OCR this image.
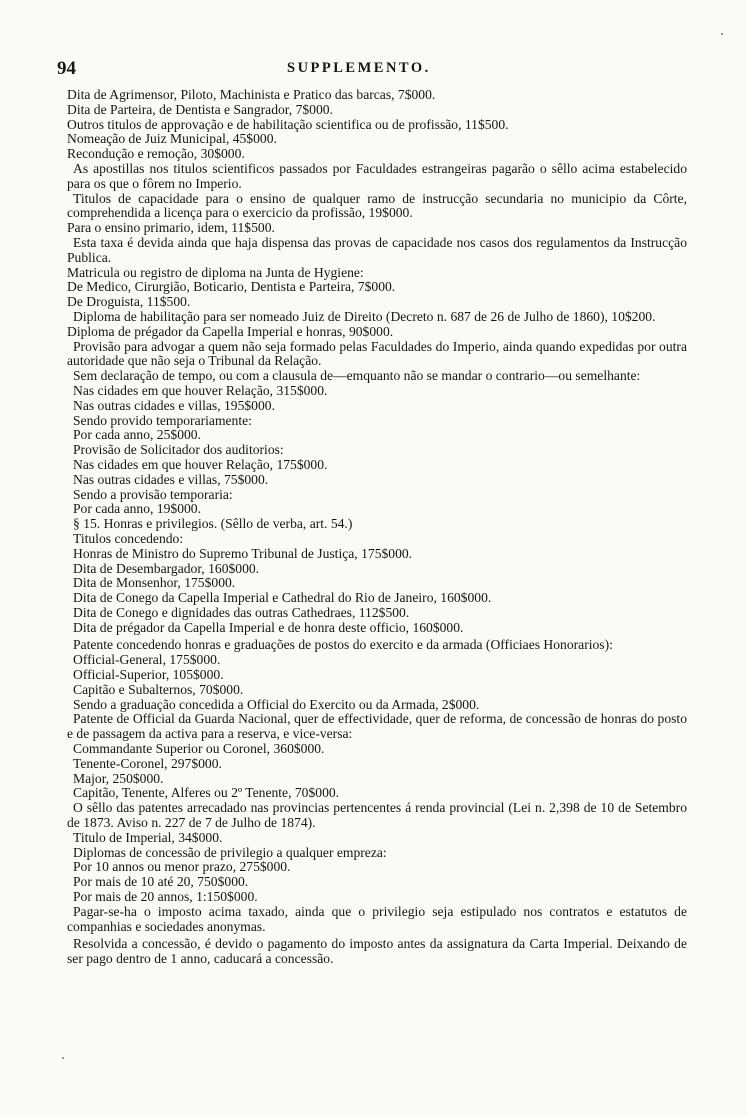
94	SUPPLEMENTO.

Dita de Agrimensor, Piloto, Machinista e Pratico das barcas, 7$000.

Dita de Parteira, de Dentista e Sangrador, 7$000.

Outros titulos de approvação e de habilitação scientifica ou de profissão, 11$500.

Nomeação de Juiz Municipal, 45$000.

Recondução e remoção, 30$000.

As apostillas nos titulos scientificos passados por Faculdades estrangeiras pagarão o sêllo acima estabelecido para os que o fôrem no Imperio.

Titulos de capacidade para o ensino de qualquer ramo de instrucção secundaria no municipio da Côrte, comprehendida a licença para o exercicio da profissão, 19$000.

Para o ensino primario, idem, 11$500.

Esta taxa é devida ainda que haja dispensa das provas de capacidade nos casos dos regulamentos da Instrucção Publica.

Matricula ou registro de diploma na Junta de Hygiene:

De Medico, Cirurgião, Boticario, Dentista e Parteira, 7$000.

De Droguista, 11$500.

Diploma de habilitação para ser nomeado Juiz de Direito (Decreto n. 687 de 26 de Julho de 1860), 10$200.

Diploma de prégador da Capella Imperial e honras, 90$000.

Provisão para advogar a quem não seja formado pelas Faculdades do Imperio, ainda quando expedidas por outra autoridade que não seja o Tribunal da Relação.

Sem declaração de tempo, ou com a clausula de—emquanto não se mandar o contrario—ou semelhante:

Nas cidades em que houver Relação, 315$000.

Nas outras cidades e villas, 195$000.

Sendo provido temporariamente:

Por cada anno, 25$000.

Provisão de Solicitador dos auditorios:

Nas cidades em que houver Relação, 175$000.

Nas outras cidades e villas, 75$000.

Sendo a provisão temporaria:

Por cada anno, 19$000.

§ 15. Honras e privilegios. (Sêllo de verba, art. 54.)

Titulos concedendo:

Honras de Ministro do Supremo Tribunal de Justiça, 175$000.

Dita de Desembargador, 160$000.

Dita de Monsenhor, 175$000.

Dita de Conego da Capella Imperial e Cathedral do Rio de Janeiro, 160$000.

Dita de Conego e dignidades das outras Cathedraes, 112$500.

Dita de prégador da Capella Imperial e de honra deste officio, 160$000.

Patente concedendo honras e graduações de postos do exercito e da armada (Officiaes Honorarios):

Official-General, 175$000.

Official-Superior, 105$000.

Capitão e Subalternos, 70$000.

Sendo a graduação concedida a Official do Exercito ou da Armada, 2$000.

Patente de Official da Guarda Nacional, quer de effectividade, quer de reforma, de concessão de honras do posto e de passagem da activa para a reserva, e vice-versa:

Commandante Superior ou Coronel, 360$000.

Tenente-Coronel, 297$000.

Major, 250$000.

Capitão, Tenente, Alferes ou 2º Tenente, 70$000.

O sêllo das patentes arrecadado nas provincias pertencentes á renda provincial (Lei n. 2,398 de 10 de Setembro de 1873. Aviso n. 227 de 7 de Julho de 1874).

Titulo de Imperial, 34$000.

Diplomas de concessão de privilegio a qualquer empreza:

Por 10 annos ou menor prazo, 275$000.

Por mais de 10 até 20, 750$000.

Por mais de 20 annos, 1:150$000.

Pagar-se-ha o imposto acima taxado, ainda que o privilegio seja estipulado nos contratos e estatutos de companhias e sociedades anonymas.

Resolvida a concessão, é devido o pagamento do imposto antes da assignatura da Carta Imperial. Deixando de ser pago dentro de 1 anno, caducará a concessão.
